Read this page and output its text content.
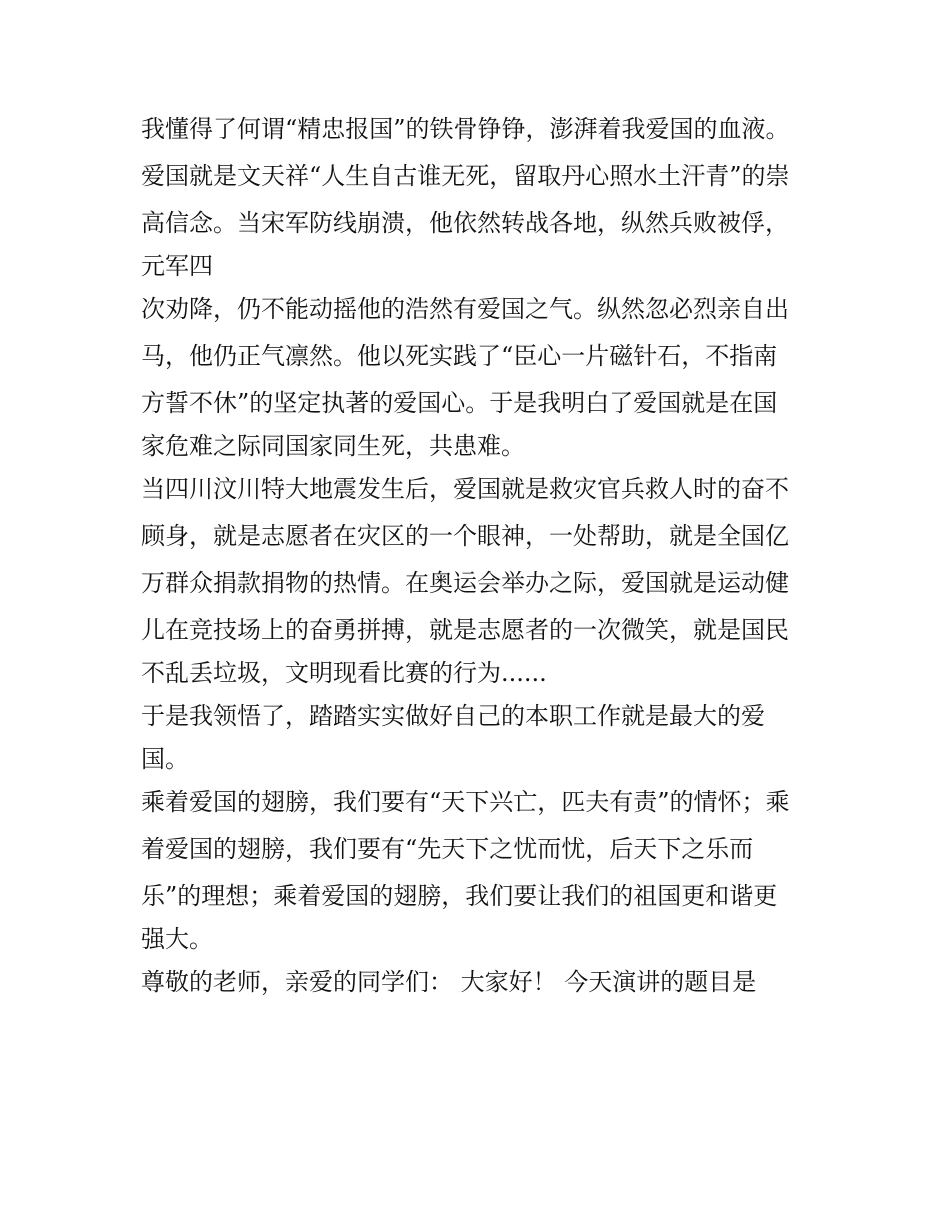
我懂得了何谓“精忠报国”的铁骨铮铮，澎湃着我爱国的血液。
爱国就是文天祥“人生自古谁无死，留取丹心照水土汗青”的崇
高信念。当宋军防线崩溃，他依然转战各地，纵然兵败被俘，
元军四
次劝降，仍不能动摇他的浩然有爱国之气。纵然忽必烈亲自出
马，他仍正气凛然。他以死实践了“臣心一片磁针石，不指南
方誓不休”的坚定执著的爱国心。于是我明白了爱国就是在国
家危难之际同国家同生死，共患难。
当四川汶川特大地震发生后，爱国就是救灾官兵救人时的奋不
顾身，就是志愿者在灾区的一个眼神，一处帮助，就是全国亿
万群众捐款捐物的热情。在奥运会举办之际，爱国就是运动健
儿在竞技场上的奋勇拼搏，就是志愿者的一次微笑，就是国民
不乱丢垃圾，文明现看比赛的行为......
于是我领悟了，踏踏实实做好自己的本职工作就是最大的爱
国。
乘着爱国的翅膀，我们要有“天下兴亡，匹夫有责”的情怀；乘
着爱国的翅膀，我们要有“先天下之忧而忧，后天下之乐而
乐”的理想；乘着爱国的翅膀，我们要让我们的祖国更和谐更
强大。
尊敬的老师，亲爱的同学们： 大家好！ 今天演讲的题目是
